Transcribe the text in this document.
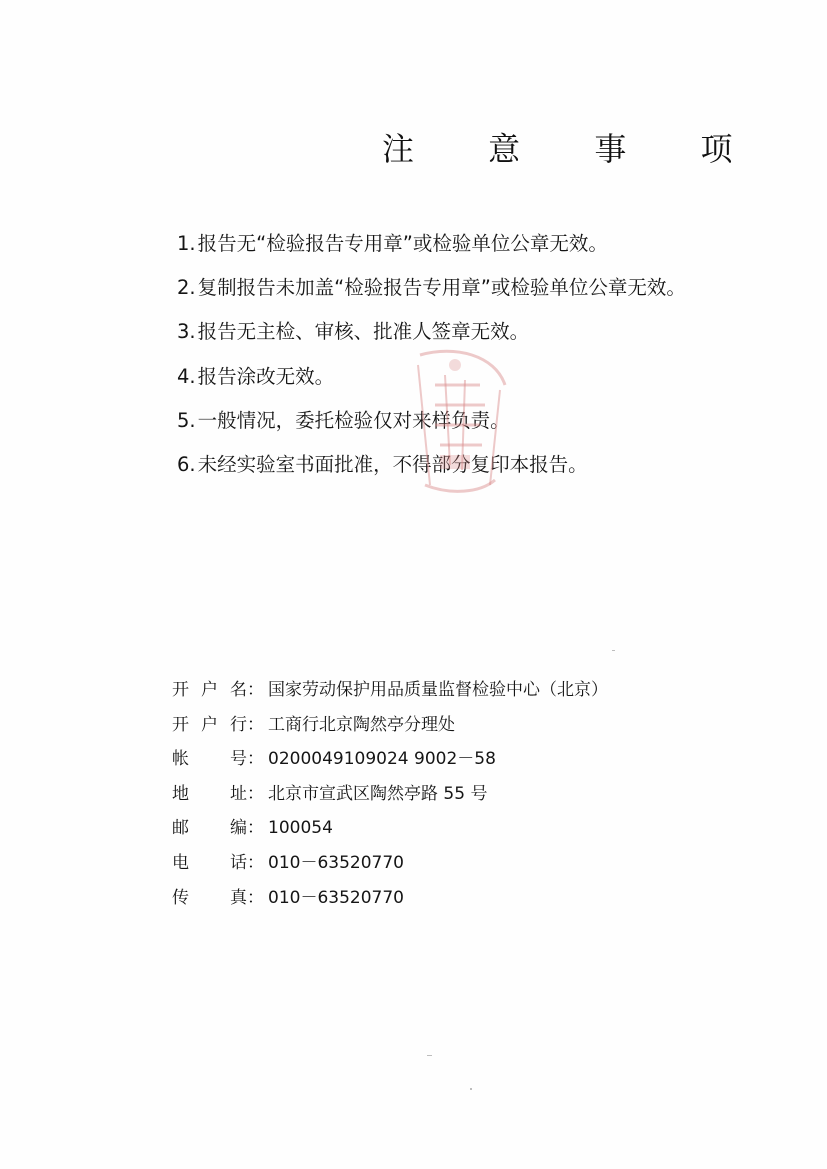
注 意 事 项
1. 报告无“检验报告专用章”或检验单位公章无效。
2. 复制报告未加盖“检验报告专用章”或检验单位公章无效。
3. 报告无主检、审核、批准人签章无效。
4. 报告涂改无效。
5. 一般情况，委托检验仅对来样负责。
6. 未经实验室书面批准，不得部分复印本报告。
开 户 名： 国家劳动保护用品质量监督检验中心（北京）
开 户 行： 工商行北京陶然亭分理处
帐 号： 0200049109024 9002－58
地 址： 北京市宣武区陶然亭路 55 号
邮 编： 100054
电 话： 010－63520770
传 真： 010－63520770
